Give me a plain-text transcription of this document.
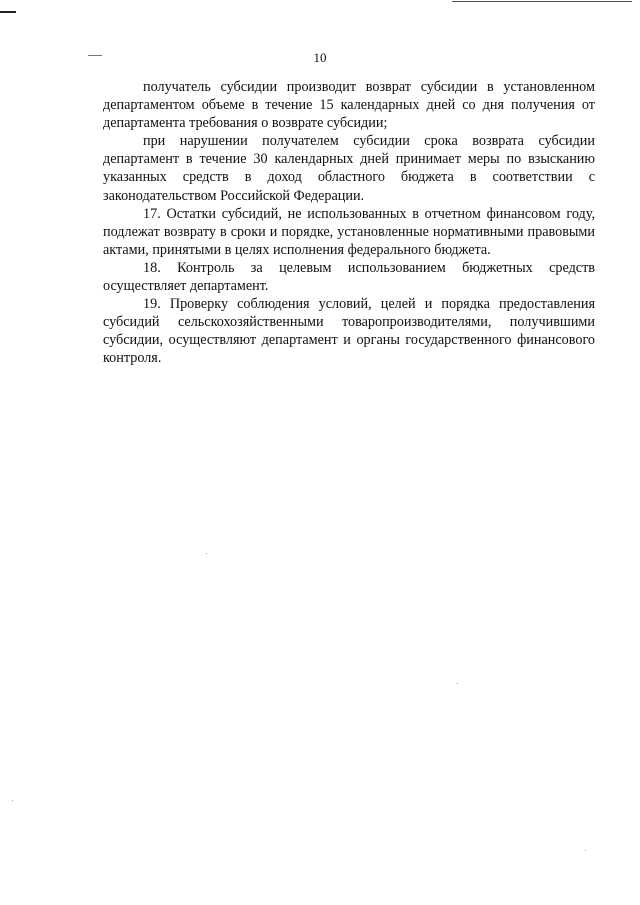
10

получатель субсидии производит возврат субсидии в установленном департаментом объеме в течение 15 календарных дней со дня получения от департамента требования о возврате субсидии;

при нарушении получателем субсидии срока возврата субсидии департамент в течение 30 календарных дней принимает меры по взысканию указанных средств в доход областного бюджета в соответствии с законодательством Российской Федерации.

17. Остатки субсидий, не использованных в отчетном финансовом году, подлежат возврату в сроки и порядке, установленные нормативными правовыми актами, принятыми в целях исполнения федерального бюджета.

18. Контроль за целевым использованием бюджетных средств осуществляет департамент.

19. Проверку соблюдения условий, целей и порядка предоставления субсидий сельскохозяйственными товаропроизводителями, получившими субсидии, осуществляют департамент и органы государственного финансового контроля.
